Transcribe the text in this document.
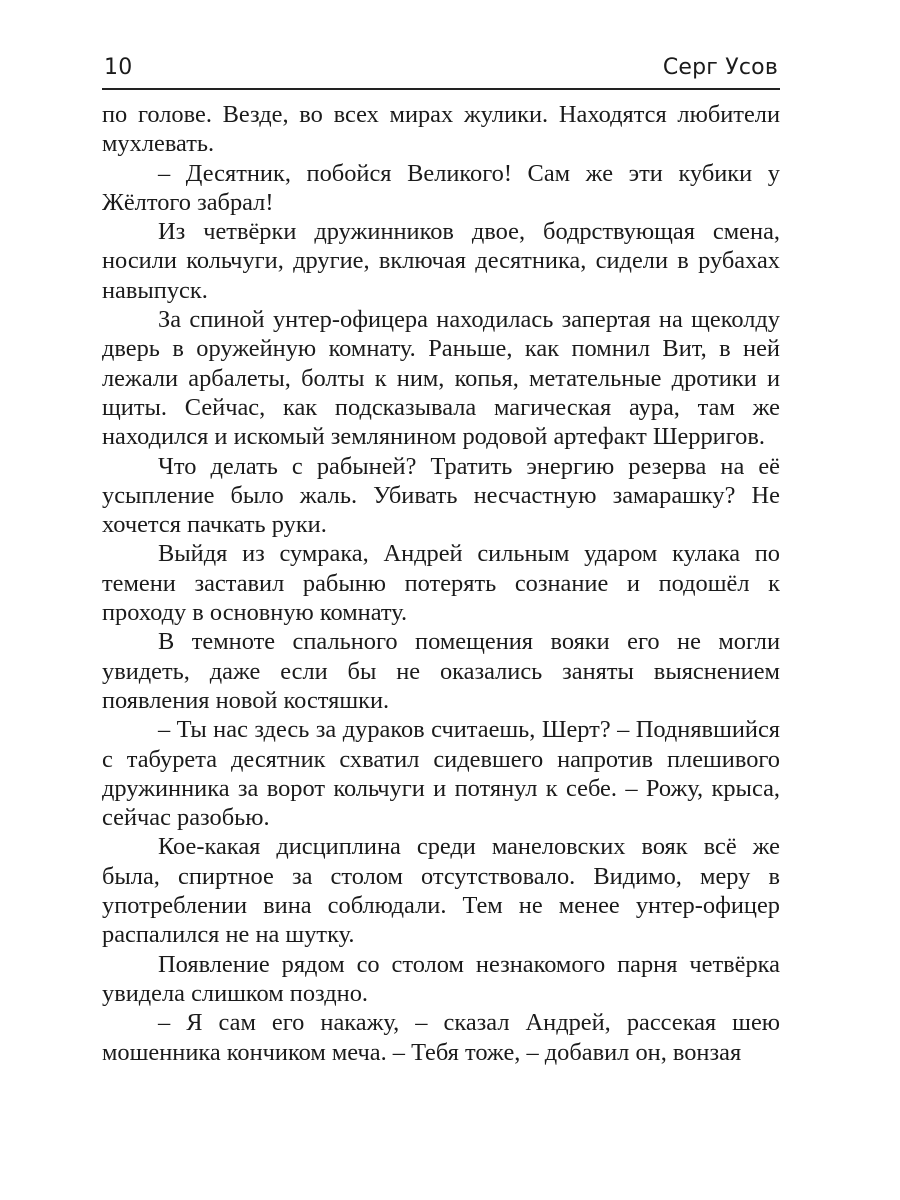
10	Серг Усов

по голове. Везде, во всех мирах жулики. Находятся любители мухлевать.

– Десятник, побойся Великого! Сам же эти кубики у Жёлтого забрал!

Из четвёрки дружинников двое, бодрствующая смена, носили кольчуги, другие, включая десятника, сидели в рубахах навыпуск.

За спиной унтер-офицера находилась запертая на щеколду дверь в оружейную комнату. Раньше, как помнил Вит, в ней лежали арбалеты, болты к ним, копья, метательные дротики и щиты. Сейчас, как подсказывала магическая аура, там же находился и искомый землянином родовой артефакт Шерригов.

Что делать с рабыней? Тратить энергию резерва на её усыпление было жаль. Убивать несчастную замарашку? Не хочется пачкать руки.

Выйдя из сумрака, Андрей сильным ударом кулака по темени заставил рабыню потерять сознание и подошёл к проходу в основную комнату.

В темноте спального помещения вояки его не могли увидеть, даже если бы не оказались заняты выяснением появления новой костяшки.

– Ты нас здесь за дураков считаешь, Шерт? – Поднявшийся с табурета десятник схватил сидевшего напротив плешивого дружинника за ворот кольчуги и потянул к себе. – Рожу, крыса, сейчас разобью.

Кое-какая дисциплина среди манеловских вояк всё же была, спиртное за столом отсутствовало. Видимо, меру в употреблении вина соблюдали. Тем не менее унтер-офицер распалился не на шутку.

Появление рядом со столом незнакомого парня четвёрка увидела слишком поздно.

– Я сам его накажу, – сказал Андрей, рассекая шею мошенника кончиком меча. – Тебя тоже, – добавил он, вонзая
